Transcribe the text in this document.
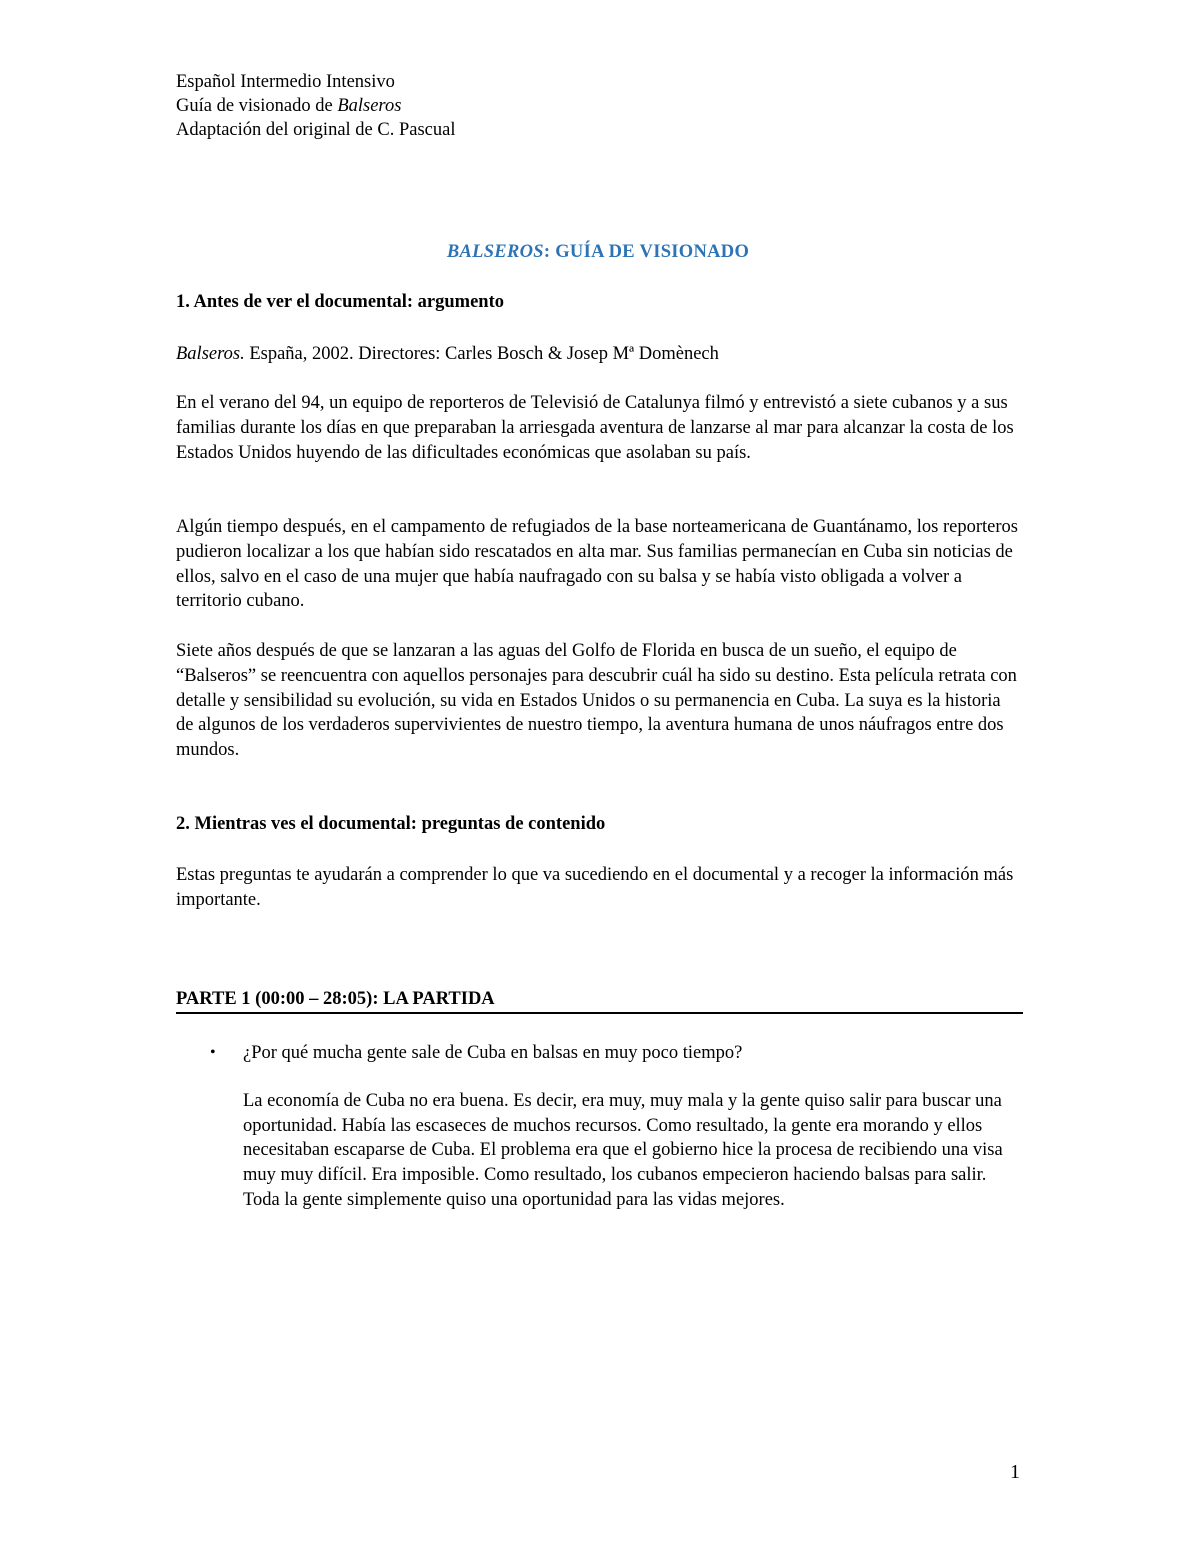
Español Intermedio Intensivo
Guía de visionado de Balseros
Adaptación del original de C. Pascual
BALSEROS: GUÍA DE VISIONADO
1. Antes de ver el documental: argumento
Balseros. España, 2002. Directores: Carles Bosch & Josep Mª Domènech
En el verano del 94, un equipo de reporteros de Televisió de Catalunya filmó y entrevistó a siete cubanos y a sus familias durante los días en que preparaban la arriesgada aventura de lanzarse al mar para alcanzar la costa de los Estados Unidos huyendo de las dificultades económicas que asolaban su país.
Algún tiempo después, en el campamento de refugiados de la base norteamericana de Guantánamo, los reporteros pudieron localizar a los que habían sido rescatados en alta mar. Sus familias permanecían en Cuba sin noticias de ellos, salvo en el caso de una mujer que había naufragado con su balsa y se había visto obligada a volver a territorio cubano.
Siete años después de que se lanzaran a las aguas del Golfo de Florida en busca de un sueño, el equipo de “Balseros” se reencuentra con aquellos personajes para descubrir cuál ha sido su destino. Esta película retrata con detalle y sensibilidad su evolución, su vida en Estados Unidos o su permanencia en Cuba. La suya es la historia de algunos de los verdaderos supervivientes de nuestro tiempo, la aventura humana de unos náufragos entre dos mundos.
2. Mientras ves el documental: preguntas de contenido
Estas preguntas te ayudarán a comprender lo que va sucediendo en el documental y a recoger la información más importante.
PARTE 1 (00:00 – 28:05): LA PARTIDA
•	¿Por qué mucha gente sale de Cuba en balsas en muy poco tiempo?
La economía de Cuba no era buena. Es decir, era muy, muy mala y la gente quiso salir para buscar una oportunidad. Había las escaseces de muchos recursos. Como resultado, la gente era morando y ellos necesitaban escaparse de Cuba. El problema era que el gobierno hice la procesa de recibiendo una visa muy muy difícil. Era imposible. Como resultado, los cubanos empecieron haciendo balsas para salir. Toda la gente simplemente quiso una oportunidad para las vidas mejores.
1
